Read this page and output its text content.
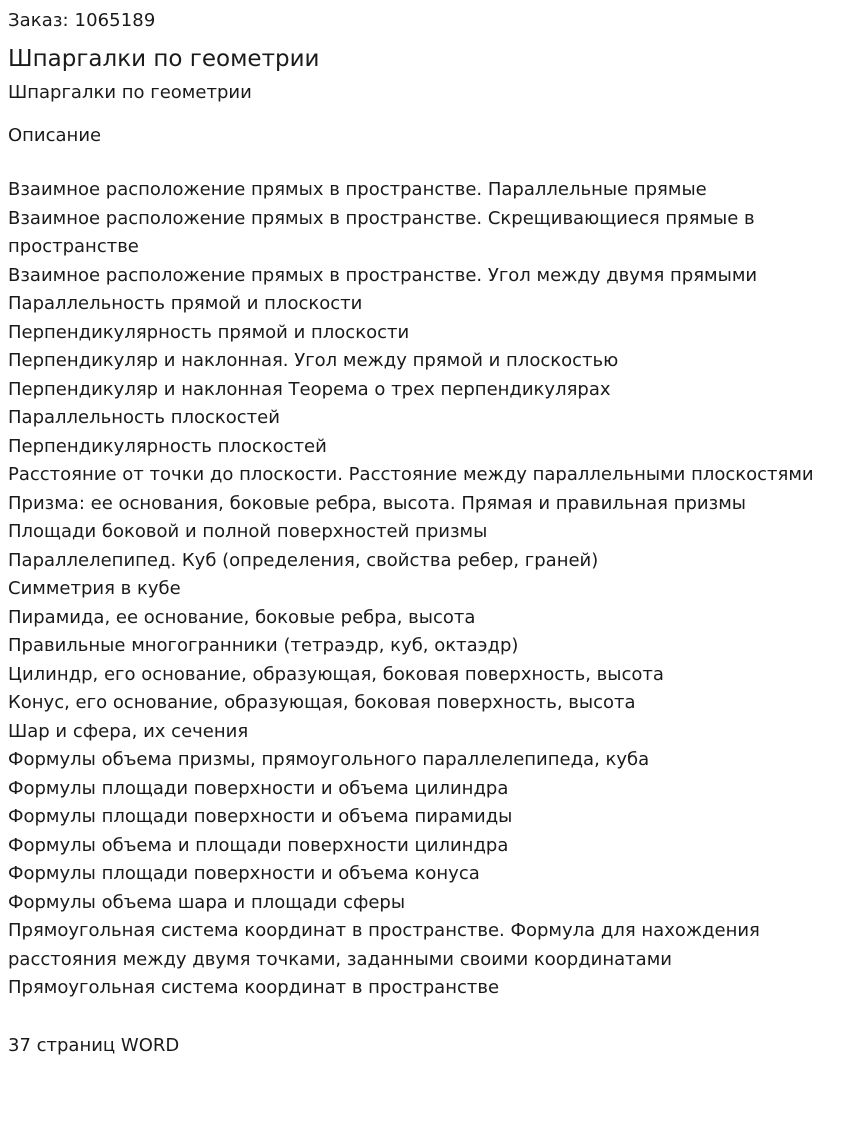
Заказ: 1065189
Шпаргалки по геометрии
Шпаргалки по геометрии
Описание
Взаимное расположение прямых в пространстве. Параллельные прямые
Взаимное расположение прямых в пространстве. Скрещивающиеся прямые в пространстве
Взаимное расположение прямых в пространстве. Угол между двумя прямыми
Параллельность прямой и плоскости
Перпендикулярность прямой и плоскости
Перпендикуляр и наклонная. Угол между прямой и плоскостью
Перпендикуляр и наклонная Теорема о трех перпендикулярах
Параллельность плоскостей
Перпендикулярность плоскостей
Расстояние от точки до плоскости. Расстояние между параллельными плоскостями
Призма: ее основания, боковые ребра, высота. Прямая и правильная призмы
Площади боковой и полной поверхностей призмы
Параллелепипед. Куб (определения, свойства ребер, граней)
Симметрия в кубе
Пирамида, ее основание, боковые ребра, высота
Правильные многогранники (тетраэдр, куб, октаэдр)
Цилиндр, его основание, образующая, боковая поверхность, высота
Конус, его основание, образующая, боковая поверхность, высота
Шар и сфера, их сечения
Формулы объема призмы, прямоугольного параллелепипеда, куба
Формулы площади поверхности и объема цилиндра
Формулы площади поверхности и объема пирамиды
Формулы объема и площади поверхности цилиндра
Формулы площади поверхности и объема конуса
Формулы объема шара и площади сферы
Прямоугольная система координат в пространстве. Формула для нахождения расстояния между двумя точками, заданными своими координатами
Прямоугольная система координат в пространстве
37 страниц WORD
